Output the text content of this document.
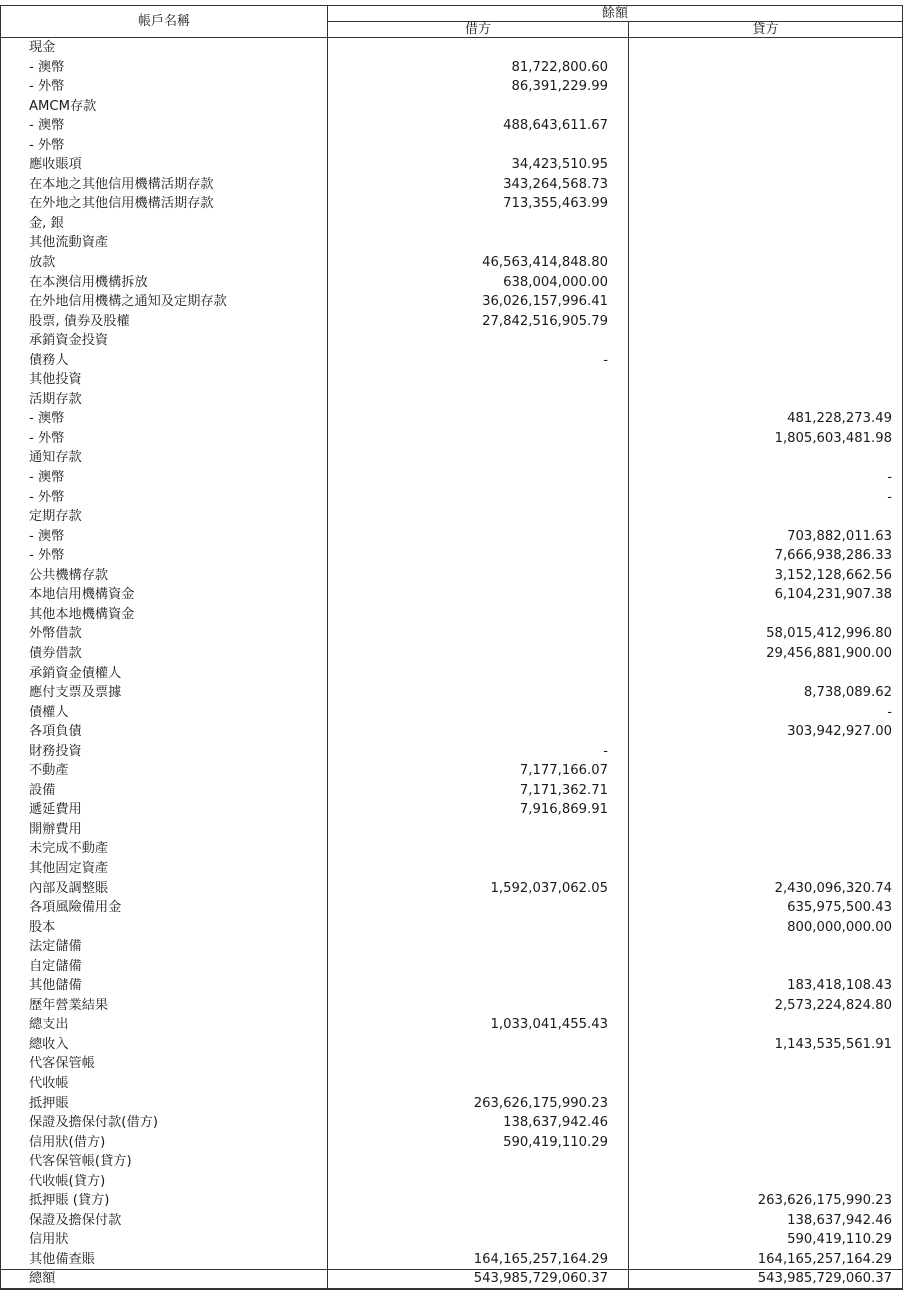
帳戶名稱	餘額	
	借方	貸方
現金		
- 澳幣	81,722,800.60	
- 外幣	86,391,229.99	
AMCM存款		
- 澳幣	488,643,611.67	
- 外幣		
應收賬項	34,423,510.95	
在本地之其他信用機構活期存款	343,264,568.73	
在外地之其他信用機構活期存款	713,355,463.99	
金, 銀		
其他流動資產		
放款	46,563,414,848.80	
在本澳信用機構拆放	638,004,000.00	
在外地信用機構之通知及定期存款	36,026,157,996.41	
股票, 債券及股權	27,842,516,905.79	
承銷資金投資		
債務人	-	
其他投資		
活期存款		
- 澳幣		481,228,273.49
- 外幣		1,805,603,481.98
通知存款		
- 澳幣		-
- 外幣		-
定期存款		
- 澳幣		703,882,011.63
- 外幣		7,666,938,286.33
公共機構存款		3,152,128,662.56
本地信用機構資金		6,104,231,907.38
其他本地機構資金		
外幣借款		58,015,412,996.80
債券借款		29,456,881,900.00
承銷資金債權人		
應付支票及票據		8,738,089.62
債權人		-
各項負債		303,942,927.00
財務投資	-	
不動產	7,177,166.07	
設備	7,171,362.71	
遞延費用	7,916,869.91	
開辦費用		
未完成不動產		
其他固定資產		
內部及調整賬	1,592,037,062.05	2,430,096,320.74
各項風險備用金		635,975,500.43
股本		800,000,000.00
法定儲備		
自定儲備		
其他儲備		183,418,108.43
歷年營業結果		2,573,224,824.80
總支出	1,033,041,455.43	
總收入		1,143,535,561.91
代客保管帳		
代收帳		
抵押賬	263,626,175,990.23	
保證及擔保付款(借方)	138,637,942.46	
信用狀(借方)	590,419,110.29	
代客保管帳(貸方)		
代收帳(貸方)		
抵押賬 (貸方)		263,626,175,990.23
保證及擔保付款		138,637,942.46
信用狀		590,419,110.29
其他備查賬	164,165,257,164.29	164,165,257,164.29
總額	543,985,729,060.37	543,985,729,060.37
